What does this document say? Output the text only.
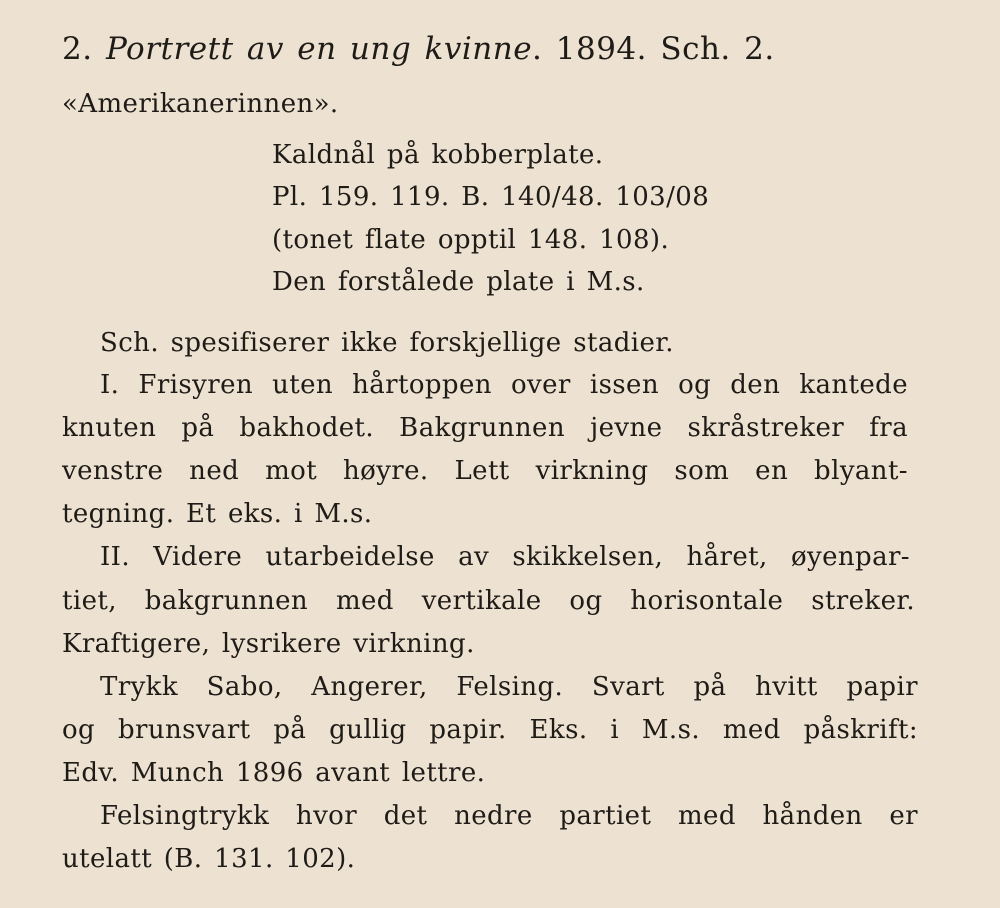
2. Portrett av en ung kvinne. 1894. Sch. 2.
«Amerikanerinnen».
Kaldnål på kobberplate.
Pl. 159. 119. B. 140/48. 103/08
(tonet flate opptil 148. 108).
Den forstålede plate i M.s.
Sch. spesifiserer ikke forskjellige stadier.
I. Frisyren uten hårtoppen over issen og den kantede
knuten på bakhodet. Bakgrunnen jevne skråstreker fra
venstre ned mot høyre. Lett virkning som en blyant-
tegning. Et eks. i M.s.
II. Videre utarbeidelse av skikkelsen, håret, øyenpar-
tiet, bakgrunnen med vertikale og horisontale streker.
Kraftigere, lysrikere virkning.
Trykk Sabo, Angerer, Felsing. Svart på hvitt papir
og brunsvart på gullig papir. Eks. i M.s. med påskrift:
Edv. Munch 1896 avant lettre.
Felsingtrykk hvor det nedre partiet med hånden er
utelatt (B. 131. 102).
